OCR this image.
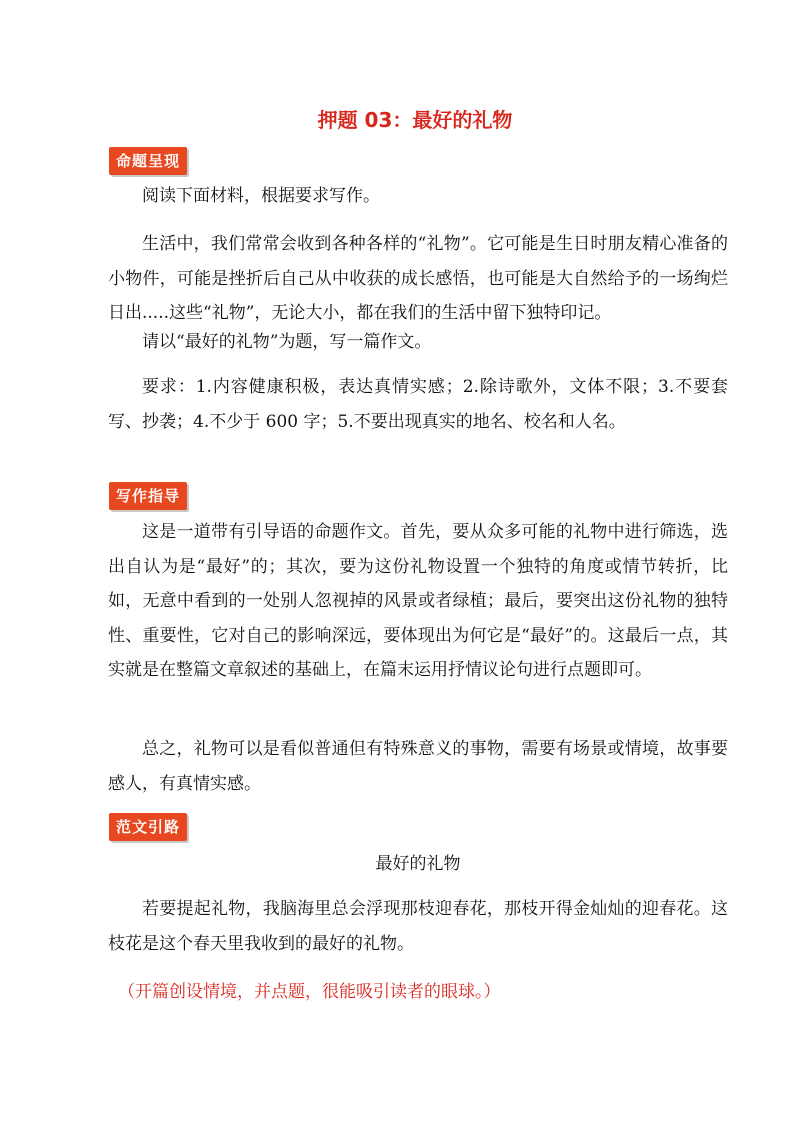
押题 03：最好的礼物
命题呈现

阅读下面材料，根据要求写作。

生活中，我们常常会收到各种各样的“礼物”。它可能是生日时朋友精心准备的小物件，可能是挫折后自己从中收获的成长感悟，也可能是大自然给予的一场绚烂日出.....这些“礼物”，无论大小，都在我们的生活中留下独特印记。

请以“最好的礼物”为题，写一篇作文。

要求：1.内容健康积极，表达真情实感；2.除诗歌外，文体不限；3.不要套写、抄袭；4.不少于 600 字；5.不要出现真实的地名、校名和人名。

写作指导

这是一道带有引导语的命题作文。首先，要从众多可能的礼物中进行筛选，选出自认为是“最好”的；其次，要为这份礼物设置一个独特的角度或情节转折，比如，无意中看到的一处别人忽视掉的风景或者绿植；最后，要突出这份礼物的独特性、重要性，它对自己的影响深远，要体现出为何它是“最好”的。这最后一点，其实就是在整篇文章叙述的基础上，在篇末运用抒情议论句进行点题即可。

总之，礼物可以是看似普通但有特殊意义的事物，需要有场景或情境，故事要感人，有真情实感。

范文引路

最好的礼物

若要提起礼物，我脑海里总会浮现那枝迎春花，那枝开得金灿灿的迎春花。这枝花是这个春天里我收到的最好的礼物。

（开篇创设情境，并点题，很能吸引读者的眼球。）
